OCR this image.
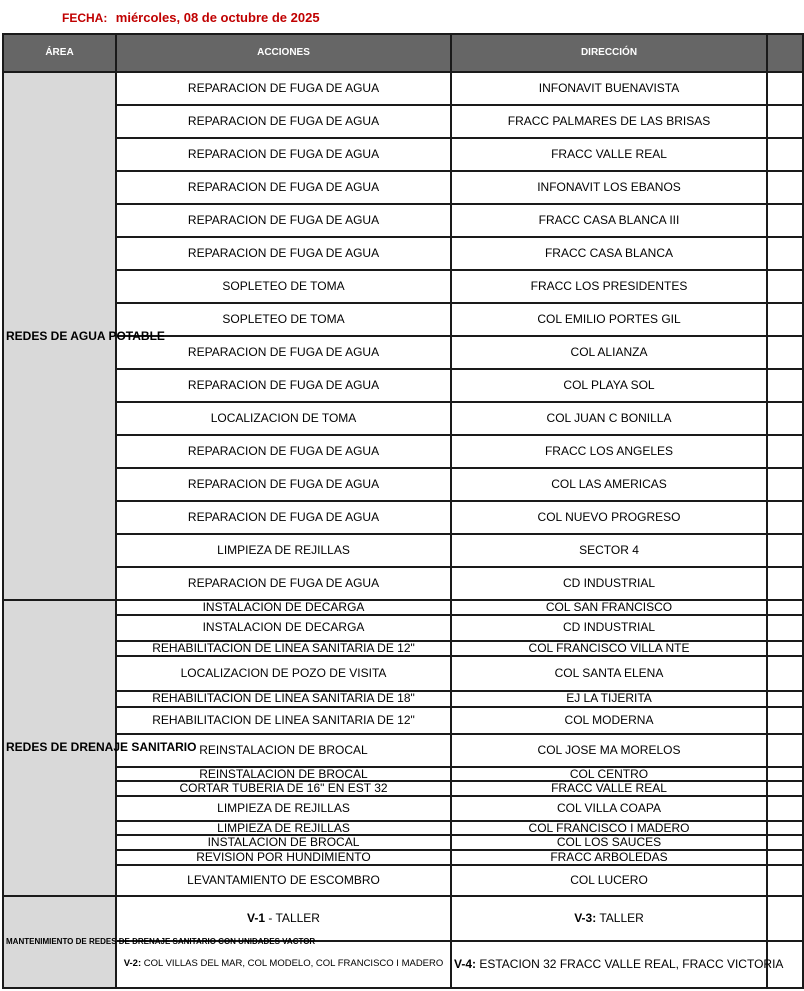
FECHA: miércoles, 08 de octubre de 2025
ÁREA	ACCIONES	DIRECCIÓN	
REDES DE AGUA POTABLE	REPARACION DE FUGA DE AGUA	INFONAVIT BUENAVISTA	
	REPARACION DE FUGA DE AGUA	FRACC PALMARES DE LAS BRISAS	
	REPARACION DE FUGA DE AGUA	FRACC VALLE REAL	
	REPARACION DE FUGA DE AGUA	INFONAVIT LOS EBANOS	
	REPARACION DE FUGA DE AGUA	FRACC CASA BLANCA III	
	REPARACION DE FUGA DE AGUA	FRACC CASA BLANCA	
	SOPLETEO DE TOMA	FRACC LOS PRESIDENTES	
	SOPLETEO DE TOMA	COL EMILIO PORTES GIL	
	REPARACION DE FUGA DE AGUA	COL ALIANZA	
	REPARACION DE FUGA DE AGUA	COL PLAYA SOL	
	LOCALIZACION DE TOMA	COL JUAN C BONILLA	
	REPARACION DE FUGA DE AGUA	FRACC LOS ANGELES	
	REPARACION DE FUGA DE AGUA	COL LAS AMERICAS	
	REPARACION DE FUGA DE AGUA	COL NUEVO PROGRESO	
	LIMPIEZA DE REJILLAS	SECTOR 4	
	REPARACION DE FUGA DE AGUA	CD INDUSTRIAL	
REDES DE DRENAJE SANITARIO	INSTALACION DE DECARGA	COL SAN FRANCISCO	
	INSTALACION DE DECARGA	CD INDUSTRIAL	
	REHABILITACION DE LINEA SANITARIA DE 12"	COL FRANCISCO VILLA NTE	
	LOCALIZACION DE POZO DE VISITA	COL SANTA ELENA	
	REHABILITACION DE LINEA SANITARIA DE 18"	EJ LA TIJERITA	
	REHABILITACION DE LINEA SANITARIA DE 12"	COL MODERNA	
	REINSTALACION DE BROCAL	COL JOSE MA MORELOS	
	REINSTALACION DE BROCAL	COL CENTRO	
	CORTAR TUBERIA DE 16" EN EST 32	FRACC VALLE REAL	
	LIMPIEZA DE REJILLAS	COL VILLA COAPA	
	LIMPIEZA DE REJILLAS	COL FRANCISCO I MADERO	
	INSTALACION DE BROCAL	COL LOS SAUCES	
	REVISION POR HUNDIMIENTO	FRACC ARBOLEDAS	
	LEVANTAMIENTO DE ESCOMBRO	COL LUCERO	
MANTENIMIENTO DE REDES DE DRENAJE SANITARIO CON UNIDADES VACTOR	V-1 - TALLER	V-3: TALLER	
	V-2: COL VILLAS DEL MAR, COL MODELO, COL FRANCISCO I MADERO	V-4: ESTACION 32 FRACC VALLE REAL, FRACC VICTORIA	
